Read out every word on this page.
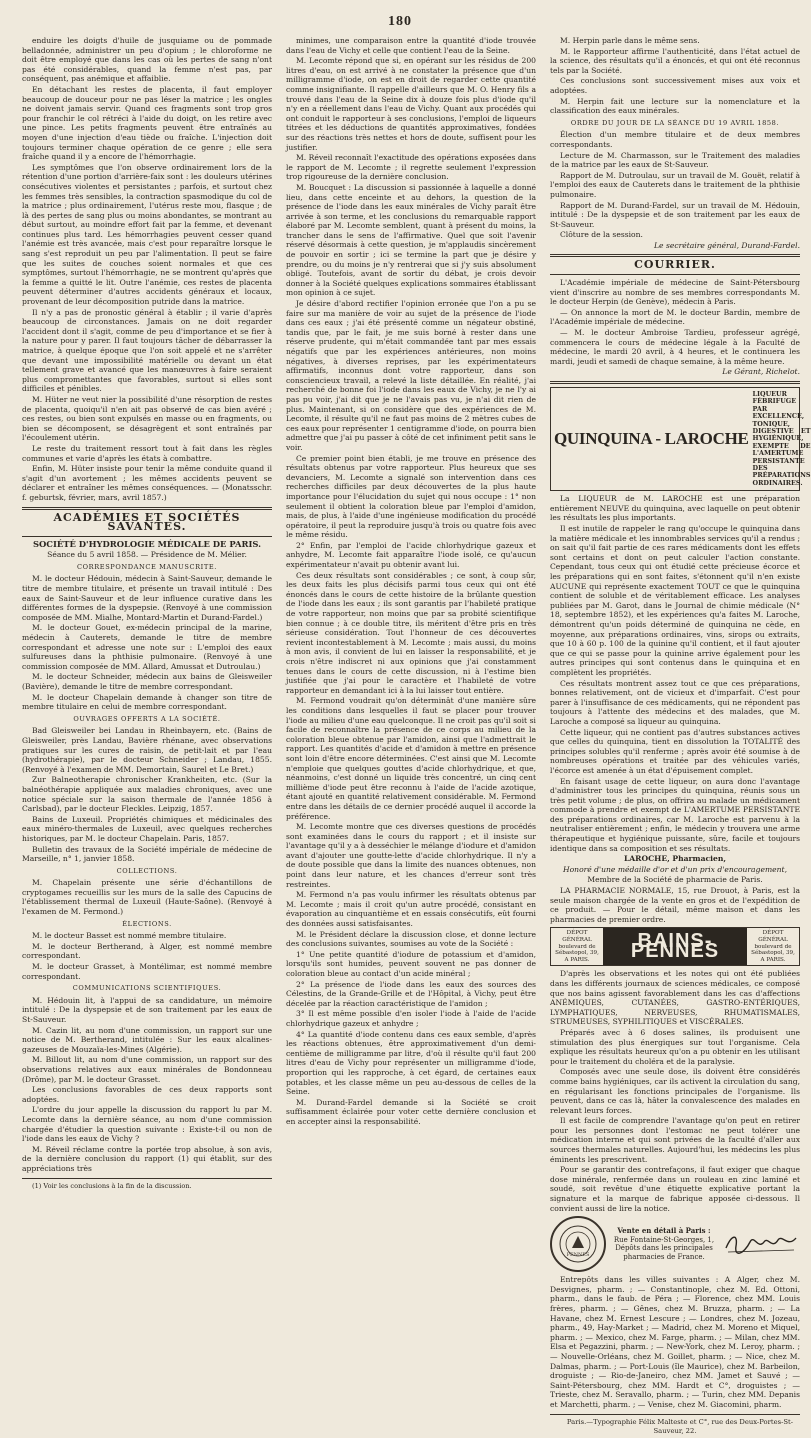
180

enduire les doigts d'huile de jusquiame ou de pommade belladonnée, administrer un peu d'opium ; le chloroforme ne doit être employé que dans les cas où les pertes de sang n'ont pas été considérables, quand la femme n'est pas, par conséquent, pas anémique et affaiblie.

En détachant les restes de placenta, il faut employer beaucoup de douceur pour ne pas léser la matrice ; les ongles ne doivent jamais servir. Quand ces fragments sont trop gros pour franchir le col rétréci à l'aide du doigt, on les retire avec une pince. Les petits fragments peuvent être entraînés au moyen d'une injection d'eau tiède ou fraîche. L'injection doit toujours terminer chaque opération de ce genre ; elle sera fraîche quand il y a encore de l'hémorrhagie.

Les symptômes que l'on observe ordinairement lors de la rétention d'une portion d'arrière-faix sont : les douleurs utérines consécutives violentes et persistantes ; parfois, et surtout chez les femmes très sensibles, la contraction spasmodique du col de la matrice ; plus ordinairement, l'utérus reste mou, flasque ; de là des pertes de sang plus ou moins abondantes, se montrant au début surtout, au moindre effort fait par la femme, et devenant continues plus tard. Les hémorrhagies peuvent cesser quand l'anémie est très avancée, mais c'est pour reparaître lorsque le sang s'est reproduit un peu par l'alimentation. Il peut se faire que les suites de couches soient normales et que ces symptômes, surtout l'hémorrhagie, ne se montrent qu'après que la femme a quitté le lit. Outre l'anémie, ces restes de placenta peuvent déterminer d'autres accidents généraux et locaux, provenant de leur décomposition putride dans la matrice.

Il n'y a pas de pronostic général à établir ; il varie d'après beaucoup de circonstances. Jamais on ne doit regarder l'accident dont il s'agit, comme de peu d'importance et se fier à la nature pour y parer. Il faut toujours tâcher de débarrasser la matrice, à quelque époque que l'on soit appelé et ne s'arrêter que devant une impossibilité matérielle ou devant un état tellement grave et avancé que les manœuvres à faire seraient plus compromettantes que favorables, surtout si elles sont difficiles et pénibles.

M. Hüter ne veut nier la possibilité d'une résorption de restes de placenta, quoiqu'il n'en ait pas observé de cas bien avéré ; ces restes, ou bien sont expulsés en masse ou en fragments, ou bien se décomposent, se désagrègent et sont entraînés par l'écoulement utérin.

Le reste du traitement ressort tout à fait dans les règles communes et varie d'après les états à combattre.

Enfin, M. Hüter insiste pour tenir la même conduite quand il s'agit d'un avortement ; les mêmes accidents peuvent se déclarer et entraîner les mêmes conséquences. — (Monatsschr. f. geburtsk, février, mars, avril 1857.)

ACADÉMIES ET SOCIÉTÉS SAVANTES.
SOCIÉTÉ D'HYDROLOGIE MÉDICALE DE PARIS.

Séance du 5 avril 1858. — Présidence de M. Mélier.

CORRESPONDANCE MANUSCRITE.

M. le docteur Hédouin, médecin à Saint-Sauveur, demande le titre de membre titulaire, et présente un travail intitulé : Des eaux de Saint-Sauveur et de leur influence curative dans les différentes formes de la dyspepsie. (Renvoyé à une commission composée de MM. Mialhe, Montard-Martin et Durand-Fardel.)

M. le docteur Gouet, ex-médecin principal de la marine, médecin à Cauterets, demande le titre de membre correspondant et adresse une note sur : L'emploi des eaux sulfureuses dans la phthisie pulmonaire. (Renvoyé à une commission composée de MM. Allard, Amussat et Dutroulau.)

M. le docteur Schneider, médecin aux bains de Gleisweiler (Bavière), demande le titre de membre correspondant.

M. le docteur Chapelain demande à changer son titre de membre titulaire en celui de membre correspondant.

OUVRAGES OFFERTS A LA SOCIÉTÉ.

Bad Gleisweiler bei Landau in Rheinbayern, etc. (Bains de Gleisweiler, près Landau, Bavière rhénane, avec observations pratiques sur les cures de raisin, de petit-lait et par l'eau (hydrothérapie), par le docteur Schneider ; Landau, 1855. (Renvoyé à l'examen de MM. Demortain, Saurel et Le Bret.)

Zur Balneotherapie chronischer Krankheiten, etc. (Sur la balnéothérapie appliquée aux maladies chroniques, avec une notice spéciale sur la saison thermale de l'année 1856 à Carlsbad), par le docteur Fleckles. Leipzig, 1857.

Bains de Luxeuil. Propriétés chimiques et médicinales des eaux minéro-thermales de Luxeuil, avec quelques recherches historiques, par M. le docteur Chapelain. Paris, 1857.

Bulletin des travaux de la Société impériale de médecine de Marseille, n° 1, janvier 1858.

COLLECTIONS.

M. Chapelain présente une série d'échantillons de cryptogames recueillis sur les murs de la salle des Capucins de l'établissement thermal de Luxeuil (Haute-Saône). (Renvoyé à l'examen de M. Fermond.)

ÉLECTIONS.

M. le docteur Basset est nommé membre titulaire.

M. le docteur Bertherand, à Alger, est nommé membre correspondant.

M. le docteur Grasset, à Montélimar, est nommé membre correspondant.

COMMUNICATIONS SCIENTIFIQUES.

M. Hédouin lit, à l'appui de sa candidature, un mémoire intitulé : De la dyspepsie et de son traitement par les eaux de St-Sauveur.

M. Cazin lit, au nom d'une commission, un rapport sur une notice de M. Bertherand, intitulée : Sur les eaux alcalines-gazeuses de Mouzaïa-les-Mines (Algérie).

M. Billout lit, au nom d'une commission, un rapport sur des observations relatives aux eaux minérales de Bondonneau (Drôme), par M. le docteur Grasset.

Les conclusions favorables de ces deux rapports sont adoptées.

L'ordre du jour appelle la discussion du rapport lu par M. Lecomte dans la dernière séance, au nom d'une commission chargée d'étudier la question suivante : Existe-t-il ou non de l'iode dans les eaux de Vichy ?

M. Réveil réclame contre la portée trop absolue, à son avis, de la dernière conclusion du rapport (1) qui établit, sur des appréciations très

(1) Voir les conclusions à la fin de la discussion.

minimes, une comparaison entre la quantité d'iode trouvée dans l'eau de Vichy et celle que contient l'eau de la Seine.

M. Lecomte répond que si, en opérant sur les résidus de 200 litres d'eau, on est arrivé à ne constater la présence que d'un milligramme d'iode, on est en droit de regarder cette quantité comme insignifiante. Il rappelle d'ailleurs que M. O. Henry fils a trouvé dans l'eau de la Seine dix à douze fois plus d'iode qu'il n'y en a réellement dans l'eau de Vichy. Quant aux procédés qui ont conduit le rapporteur à ses conclusions, l'emploi de liqueurs titrées et les déductions de quantités approximatives, fondées sur des réactions très nettes et hors de doute, suffisent pour les justifier.

M. Réveil reconnaît l'exactitude des opérations exposées dans le rapport de M. Lecomte ; il regrette seulement l'expression trop rigoureuse de la dernière conclusion.

M. Boucquet : La discussion si passionnée à laquelle a donné lieu, dans cette enceinte et au dehors, la question de la présence de l'iode dans les eaux minérales de Vichy paraît être arrivée à son terme, et les conclusions du remarquable rapport élaboré par M. Lecomte semblent, quant à présent du moins, la trancher dans le sens de l'affirmative. Quel que soit l'avenir réservé désormais à cette question, je m'applaudis sincèrement de pouvoir en sortir ; ici se termine la part que je désire y prendre, ou du moins je n'y rentrerai que si j'y suis absolument obligé. Toutefois, avant de sortir du débat, je crois devoir donner à la Société quelques explications sommaires établissant mon opinion à ce sujet.

Je désire d'abord rectifier l'opinion erronée que l'on a pu se faire sur ma manière de voir au sujet de la présence de l'iode dans ces eaux ; j'ai été présenté comme un négateur obstiné, tandis que, par le fait, je me suis borné à rester dans une réserve prudente, qui m'était commandée tant par mes essais négatifs que par les expériences antérieures, non moins négatives, à diverses reprises, par les expérimentateurs affirmatifs, inconnus dont votre rapporteur, dans son consciencieux travail, a relevé la liste détaillée. En réalité, j'ai recherché de bonne foi l'iode dans les eaux de Vichy, je ne l'y ai pas pu voir, j'ai dit que je ne l'avais pas vu, je n'ai dit rien de plus. Maintenant, si on considère que des expériences de M. Lecomte, il résulte qu'il ne faut pas moins de 2 mètres cubes de ces eaux pour représenter 1 centigramme d'iode, on pourra bien admettre que j'ai pu passer à côté de cet infiniment petit sans le voir.

Ce premier point bien établi, je me trouve en présence des résultats obtenus par votre rapporteur. Plus heureux que ses devanciers, M. Lecomte a signalé son intervention dans ces recherches difficiles par deux découvertes de la plus haute importance pour l'élucidation du sujet qui nous occupe : 1° non seulement il obtient la coloration bleue par l'emploi d'amidon, mais, de plus, à l'aide d'une ingénieuse modification du procédé opératoire, il peut la reproduire jusqu'à trois ou quatre fois avec le même résidu.

2° Enfin, par l'emploi de l'acide chlorhydrique gazeux et anhydre, M. Lecomte fait apparaître l'iode isolé, ce qu'aucun expérimentateur n'avait pu obtenir avant lui.

Ces deux résultats sont considérables ; ce sont, à coup sûr, les deux faits les plus décisifs parmi tous ceux qui ont été énoncés dans le cours de cette histoire de la brûlante question de l'iode dans les eaux ; ils sont garantis par l'habileté pratique de votre rapporteur, non moins que par sa probité scientifique bien connue ; à ce double titre, ils méritent d'être pris en très sérieuse considération. Tout l'honneur de ces découvertes revient incontestablement à M. Lecomte ; mais aussi, du moins à mon avis, il convient de lui en laisser la responsabilité, et je crois n'être indiscret ni aux opinions que j'ai constamment tenues dans le cours de cette discussion, ni à l'estime bien justifiée que j'ai pour le caractère et l'habileté de votre rapporteur en demandant ici à la lui laisser tout entière.

M. Fermond voudrait qu'on déterminât d'une manière sûre les conditions dans lesquelles il faut se placer pour trouver l'iode au milieu d'une eau quelconque. Il ne croit pas qu'il soit si facile de reconnaître la présence de ce corps au milieu de la coloration bleue obtenue par l'amidon, ainsi que l'admettrait le rapport. Les quantités d'acide et d'amidon à mettre en présence sont loin d'être encore déterminées. C'est ainsi que M. Lecomte n'emploie que quelques gouttes d'acide chlorhydrique, et que, néanmoins, c'est donné un liquide très concentré, un cinq cent millième d'iode peut être reconnu à l'aide de l'acide azotique, étant ajouté en quantité relativement considérable. M. Fermond entre dans les détails de ce dernier procédé auquel il accorde la préférence.

M. Lecomte montre que ces diverses questions de procédés sont examinées dans le cours du rapport ; et il insiste sur l'avantage qu'il y a à desséchier le mélange d'iodure et d'amidon avant d'ajouter une goutte-lette d'acide chlorhydrique. Il n'y a de doute possible que dans la limite des nuances obtenues, non point dans leur nature, et les chances d'erreur sont très restreintes.

M. Fermond n'a pas voulu infirmer les résultats obtenus par M. Lecomte ; mais il croit qu'un autre procédé, consistant en évaporation au cinquantième et en essais consécutifs, eût fourni des données aussi satisfaisantes.

M. le Président déclare la discussion close, et donne lecture des conclusions suivantes, soumises au vote de la Société :

1° Une petite quantité d'iodure de potassium et d'amidon, lorsqu'ils sont humides, peuvent souvent ne pas donner de coloration bleue au contact d'un acide minéral ;

2° La présence de l'iode dans les eaux des sources des Célestins, de la Grande-Grille et de l'Hôpital, à Vichy, peut être décelée par la réaction caractéristique de l'amidon ;

3° Il est même possible d'en isoler l'iode à l'aide de l'acide chlorhydrique gazeux et anhydre ;

4° La quantité d'iode contenu dans ces eaux semble, d'après les réactions obtenues, être approximativement d'un demi-centième de milligramme par litre, d'où il résulte qu'il faut 200 litres d'eau de Vichy pour représenter un milligramme d'iode, proportion qui les rapproche, à cet égard, de certaines eaux potables, et les classe même un peu au-dessous de celles de la Seine.

M. Durand-Fardel demande si la Société se croit suffisamment éclairée pour voter cette dernière conclusion et en accepter ainsi la responsabilité.

M. Herpin parle dans le même sens.

M. le Rapporteur affirme l'authenticité, dans l'état actuel de la science, des résultats qu'il a énoncés, et qui ont été reconnus tels par la Société.

Ces conclusions sont successivement mises aux voix et adoptées.

M. Herpin fait une lecture sur la nomenclature et la classification des eaux minérales.

ORDRE DU JOUR DE LA SÉANCE DU 19 AVRIL 1858.

Élection d'un membre titulaire et de deux membres correspondants.

Lecture de M. Charmasson, sur le Traitement des maladies de la matrice par les eaux de St-Sauveur.

Rapport de M. Dutroulau, sur un travail de M. Gouët, relatif à l'emploi des eaux de Cauterets dans le traitement de la phthisie pulmonaire.

Rapport de M. Durand-Fardel, sur un travail de M. Hédouin, intitulé : De la dyspepsie et de son traitement par les eaux de St-Sauveur.

Clôture de la session.

Le secrétaire général, Durand-Fardel.

COURRIER.

L'Académie impériale de médecine de Saint-Pétersbourg vient d'inscrire au nombre de ses membres correspondants M. le docteur Herpin (de Genève), médecin à Paris.

— On annonce la mort de M. le docteur Bardin, membre de l'Académie impériale de médecine.

— M. le docteur Ambroise Tardieu, professeur agrégé, commencera le cours de médecine légale à la Faculté de médecine, le mardi 20 avril, à 4 heures, et le continuera les mardi, jeudi et samedi de chaque semaine, à la même heure.

Le Gérant, Richelot.

QUINQUINA - LAROCHE
LIQUEUR FÉBRIFUGE PAR EXCELLENCE, TONIQUE, DIGESTIVE ET HYGIÉNIQUE, EXEMPTE DE L'AMERTUME PERSISTANTE DES PRÉPARATIONS ORDINAIRES.

La LIQUEUR de M. LAROCHE est une préparation entièrement NEUVE du quinquina, avec laquelle on peut obtenir les résultats les plus importants.

Il est inutile de rappeler le rang qu'occupe le quinquina dans la matière médicale et les innombrables services qu'il a rendus ; on sait qu'il fait partie de ces rares médicaments dont les effets sont certains et dont on peut calculer l'action constante. Cependant, tous ceux qui ont étudié cette précieuse écorce et les préparations qui en sont faites, s'étonnent qu'il n'en existe AUCUNE qui représente exactement TOUT ce que le quinquina contient de soluble et de véritablement efficace. Les analyses publiées par M. Garot, dans le Journal de chimie médicale (N° 18, septembre 1852), et les expériences qu'a faites M. Laroche, démontrent qu'un poids déterminé de quinquina ne cède, en moyenne, aux préparations ordinaires, vins, sirops ou extraits, que 10 à 60 p. 100 de la quinine qu'il contient, et il faut ajouter que ce qui se passe pour la quinine arrive également pour les autres principes qui sont contenus dans le quinquina et en complètent les propriétés.

Ces résultats montrent assez tout ce que ces préparations, bonnes relativement, ont de vicieux et d'imparfait. C'est pour parer à l'insuffisance de ces médicaments, qui ne répondent pas toujours à l'attente des médecins et des malades, que M. Laroche a composé sa liqueur au quinquina.

Cette liqueur, qui ne contient pas d'autres substances actives que celles du quinquina, tient en dissolution la TOTALITÉ des principes solubles qu'il renferme ; après avoir été soumise à de nombreuses opérations et traitée par des véhicules variés, l'écorce est amenée à un état d'épuisement complet.

En faisant usage de cette liqueur, on aura donc l'avantage d'administrer tous les principes du quinquina, réunis sous un très petit volume ; de plus, on offrira au malade un médicament commode à prendre et exempt de L'AMERTUME PERSISTANTE des préparations ordinaires, car M. Laroche est parvenu à la neutraliser entièrement ; enfin, le médecin y trouvera une arme thérapeutique et hygiénique puissante, sûre, facile et toujours identique dans sa composition et ses résultats.

LAROCHE, Pharmacien,

Honoré d'une médaille d'or et d'un prix d'encouragement,

Membre de la Société de pharmacie de Paris.

LA PHARMACIE NORMALE, 15, rue Drouot, à Paris, est la seule maison chargée de la vente en gros et de l'expédition de ce produit. — Pour le détail, même maison et dans les pharmacies de premier ordre.

DÉPOT GÉNÉRAL boulevard de Sébastopol, 39, A PARIS.
BAINS-PENNES
DÉPOT GÉNÉRAL boulevard de Sébastopol, 39, A PARIS.

D'après les observations et les notes qui ont été publiées dans les différents journaux de sciences médicales, ce composé que nos bains agissent favorablement dans les cas d'affections ANÉMIQUES, CUTANÉES, GASTRO-ENTÉRIQUES, LYMPHATIQUES, NERVEUSES, RHUMATISMALES, STRUMEUSES, SYPHILITIQUES et VISCÉRALES.

Préparés avec à 6 doses salines, ils produisent une stimulation des plus énergiques sur tout l'organisme. Cela explique les résultats heureux qu'on a pu obtenir en les utilisant pour le traitement du choléra et de la paralysie.

Composés avec une seule dose, ils doivent être considérés comme bains hygiéniques, car ils activent la circulation du sang, en régularisant les fonctions principales de l'organisme. Ils peuvent, dans ce cas là, hâter la convalescence des malades en relevant leurs forces.

Il est facile de comprendre l'avantage qu'on peut en retirer pour les personnes dont l'estomac ne peut tolérer une médication interne et qui sont privées de la faculté d'aller aux sources thermales naturelles. Aujourd'hui, les médecins les plus éminents les prescrivent.

Pour se garantir des contrefaçons, il faut exiger que chaque dose minérale, renfermée dans un rouleau en zinc laminé et soudé, soit revêtue d'une étiquette explicative portant la signature et la marque de fabrique apposée ci-dessous. Il convient aussi de lire la notice.

PENNES
Vente en détail à Paris :
Rue Fontaine-St-Georges, 1,
Dépôts dans les principales pharmacies de France.

Entrepôts dans les villes suivantes : A Alger, chez M. Desvignes, pharm. ; — Constantinople, chez M. Ed. Ottoni, pharm., dans le faub. de Péra ; — Florence, chez MM. Louis frères, pharm. ; — Gênes, chez M. Bruzza, pharm. ; — La Havane, chez M. Ernest Lescure ; — Londres, chez M. Jozeau, pharm., 49, Hay-Market ; — Madrid, chez M. Moreno et Miquel, pharm. ; — Mexico, chez M. Farge, pharm. ; — Milan, chez MM. Elsa et Pegazzini, pharm. ; — New-York, chez M. Leroy, pharm. ; — Nouvelle-Orléans, chez M. Goillet, pharm. ; — Nice, chez M. Dalmas, pharm. ; — Port-Louis (île Maurice), chez M. Barbeilon, droguiste ; — Rio-de-Janeiro, chez MM. Jamet et Sauvé ; — Saint-Pétersbourg, chez MM. Hardt et C°, droguistes ; — Trieste, chez M. Seravallo, pharm. ; — Turin, chez MM. Depanis et Marchetti, pharm. ; — Venise, chez M. Giacomini, pharm.

Paris.—Typographie Félix Malteste et C°, rue des Deux-Portes-St-Sauveur, 22.
